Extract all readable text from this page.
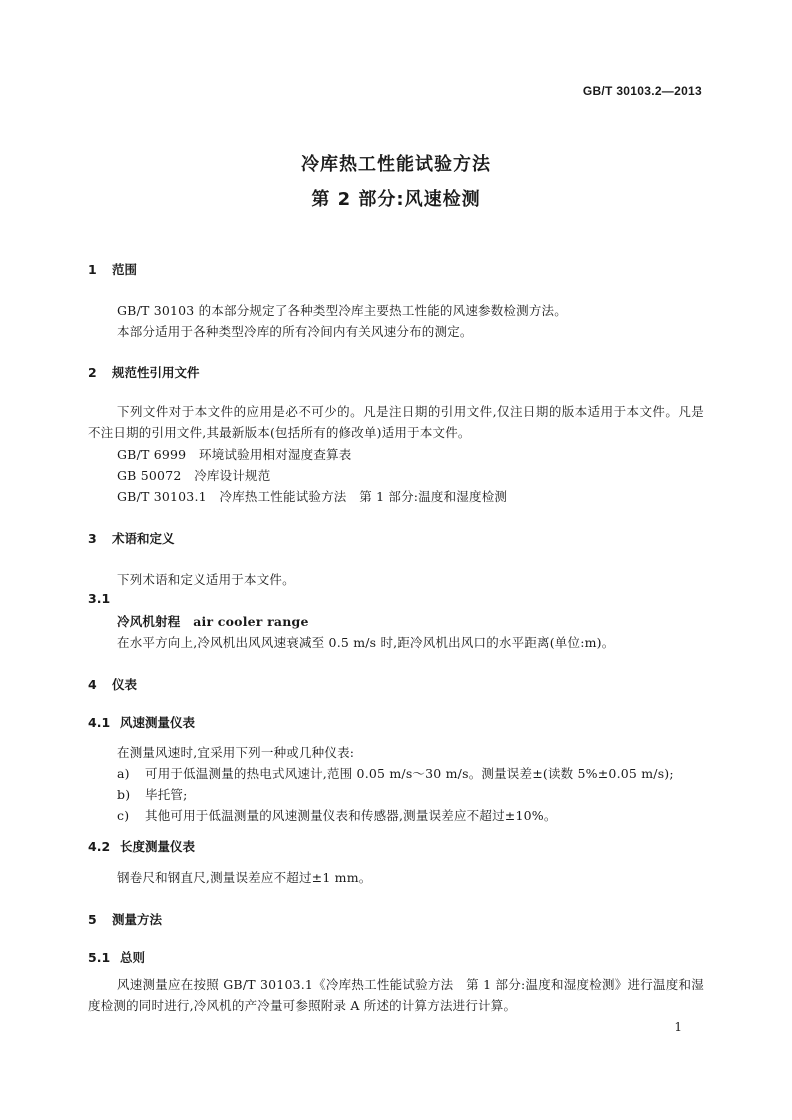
GB/T 30103.2—2013
冷库热工性能试验方法
第 2 部分:风速检测
1 范围
GB/T 30103 的本部分规定了各种类型冷库主要热工性能的风速参数检测方法。
本部分适用于各种类型冷库的所有冷间内有关风速分布的测定。
2 规范性引用文件
下列文件对于本文件的应用是必不可少的。凡是注日期的引用文件,仅注日期的版本适用于本文件。凡是不注日期的引用文件,其最新版本(包括所有的修改单)适用于本文件。
GB/T 6999　 环境试验用相对湿度查算表
GB 50072　 冷库设计规范
GB/T 30103.1　 冷库热工性能试验方法　第 1 部分:温度和湿度检测
3 术语和定义
下列术语和定义适用于本文件。
3.1
冷风机射程　 air cooler range
在水平方向上,冷风机出风风速衰减至 0.5 m/s 时,距冷风机出风口的水平距离(单位:m)。
4 仪表
4.1 风速测量仪表
在测量风速时,宜采用下列一种或几种仪表:
a) 可用于低温测量的热电式风速计,范围 0.05 m/s～30 m/s。测量误差±(读数 5%±0.05 m/s);
b) 毕托管;
c) 其他可用于低温测量的风速测量仪表和传感器,测量误差应不超过±10%。
4.2 长度测量仪表
钢卷尺和钢直尺,测量误差应不超过±1 mm。
5 测量方法
5.1 总则
风速测量应在按照 GB/T 30103.1《冷库热工性能试验方法　第 1 部分:温度和湿度检测》进行温度和湿度检测的同时进行,冷风机的产冷量可参照附录 A 所述的计算方法进行计算。
1
